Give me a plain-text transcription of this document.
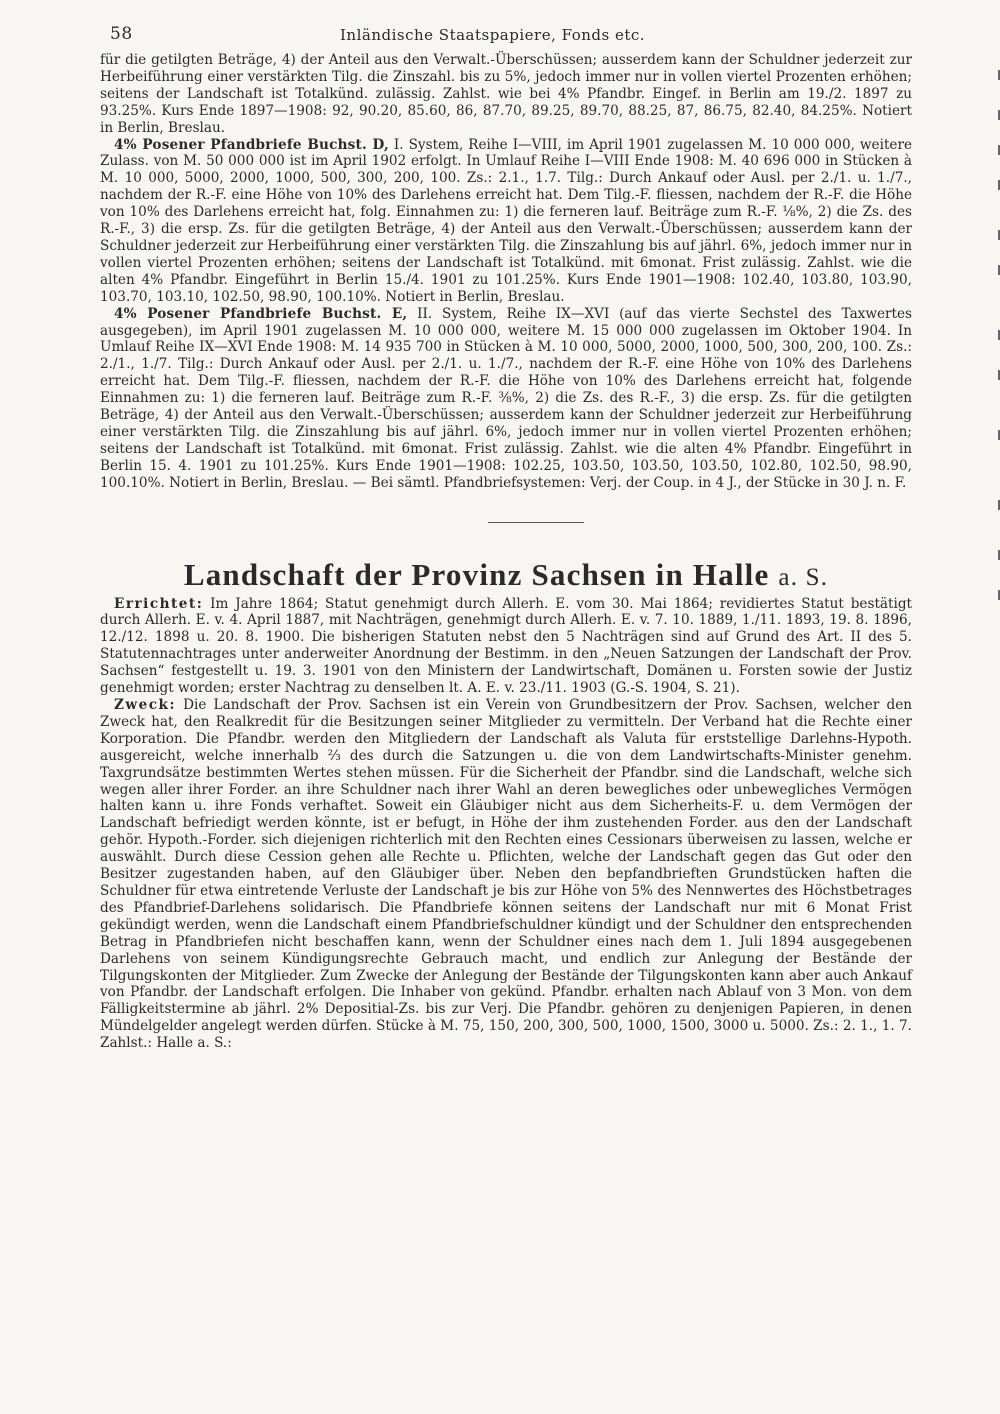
58	Inländische Staatspapiere, Fonds etc.

für die getilgten Beträge, 4) der Anteil aus den Verwalt.-Überschüssen; ausserdem kann der Schuldner jederzeit zur Herbeiführung einer verstärkten Tilg. die Zinszahl. bis zu 5%, jedoch immer nur in vollen viertel Prozenten erhöhen; seitens der Landschaft ist Totalkünd. zulässig. Zahlst. wie bei 4% Pfandbr. Eingef. in Berlin am 19./2. 1897 zu 93.25%. Kurs Ende 1897—1908: 92, 90.20, 85.60, 86, 87.70, 89.25, 89.70, 88.25, 87, 86.75, 82.40, 84.25%. Notiert in Berlin, Breslau.

4% Posener Pfandbriefe Buchst. D, I. System, Reihe I—VIII, im April 1901 zugelassen M. 10 000 000, weitere Zulass. von M. 50 000 000 ist im April 1902 erfolgt. In Umlauf Reihe I—VIII Ende 1908: M. 40 696 000 in Stücken à M. 10 000, 5000, 2000, 1000, 500, 300, 200, 100. Zs.: 2.1., 1.7. Tilg.: Durch Ankauf oder Ausl. per 2./1. u. 1./7., nachdem der R.-F. eine Höhe von 10% des Darlehens erreicht hat. Dem Tilg.-F. fliessen, nachdem der R.-F. die Höhe von 10% des Darlehens erreicht hat, folg. Einnahmen zu: 1) die ferneren lauf. Beiträge zum R.-F. ⅛%, 2) die Zs. des R.-F., 3) die ersp. Zs. für die getilgten Beträge, 4) der Anteil aus den Verwalt.-Überschüssen; ausserdem kann der Schuldner jederzeit zur Herbeiführung einer verstärkten Tilg. die Zinszahlung bis auf jährl. 6%, jedoch immer nur in vollen viertel Prozenten erhöhen; seitens der Landschaft ist Totalkünd. mit 6monat. Frist zulässig. Zahlst. wie die alten 4% Pfandbr. Eingeführt in Berlin 15./4. 1901 zu 101.25%. Kurs Ende 1901—1908: 102.40, 103.80, 103.90, 103.70, 103.10, 102.50, 98.90, 100.10%. Notiert in Berlin, Breslau.

4% Posener Pfandbriefe Buchst. E, II. System, Reihe IX—XVI (auf das vierte Sechstel des Taxwertes ausgegeben), im April 1901 zugelassen M. 10 000 000, weitere M. 15 000 000 zugelassen im Oktober 1904. In Umlauf Reihe IX—XVI Ende 1908: M. 14 935 700 in Stücken à M. 10 000, 5000, 2000, 1000, 500, 300, 200, 100. Zs.: 2./1., 1./7. Tilg.: Durch Ankauf oder Ausl. per 2./1. u. 1./7., nachdem der R.-F. eine Höhe von 10% des Darlehens erreicht hat. Dem Tilg.-F. fliessen, nachdem der R.-F. die Höhe von 10% des Darlehens erreicht hat, folgende Einnahmen zu: 1) die ferneren lauf. Beiträge zum R.-F. ⅜%, 2) die Zs. des R.-F., 3) die ersp. Zs. für die getilgten Beträge, 4) der Anteil aus den Verwalt.-Überschüssen; ausserdem kann der Schuldner jederzeit zur Herbeiführung einer verstärkten Tilg. die Zinszahlung bis auf jährl. 6%, jedoch immer nur in vollen viertel Prozenten erhöhen; seitens der Landschaft ist Totalkünd. mit 6monat. Frist zulässig. Zahlst. wie die alten 4% Pfandbr. Eingeführt in Berlin 15. 4. 1901 zu 101.25%. Kurs Ende 1901—1908: 102.25, 103.50, 103.50, 103.50, 102.80, 102.50, 98.90, 100.10%. Notiert in Berlin, Breslau. — Bei sämtl. Pfandbriefsystemen: Verj. der Coup. in 4 J., der Stücke in 30 J. n. F.

Landschaft der Provinz Sachsen in Halle a. S.

Errichtet: Im Jahre 1864; Statut genehmigt durch Allerh. E. vom 30. Mai 1864; revidiertes Statut bestätigt durch Allerh. E. v. 4. April 1887, mit Nachträgen, genehmigt durch Allerh. E. v. 7. 10. 1889, 1./11. 1893, 19. 8. 1896, 12./12. 1898 u. 20. 8. 1900. Die bisherigen Statuten nebst den 5 Nachträgen sind auf Grund des Art. II des 5. Statutennachtrages unter anderweiter Anordnung der Bestimm. in den „Neuen Satzungen der Landschaft der Prov. Sachsen“ festgestellt u. 19. 3. 1901 von den Ministern der Landwirtschaft, Domänen u. Forsten sowie der Justiz genehmigt worden; erster Nachtrag zu denselben lt. A. E. v. 23./11. 1903 (G.-S. 1904, S. 21).

Zweck: Die Landschaft der Prov. Sachsen ist ein Verein von Grundbesitzern der Prov. Sachsen, welcher den Zweck hat, den Realkredit für die Besitzungen seiner Mitglieder zu vermitteln. Der Verband hat die Rechte einer Korporation. Die Pfandbr. werden den Mitgliedern der Landschaft als Valuta für erststellige Darlehns-Hypoth. ausgereicht, welche innerhalb ⅔ des durch die Satzungen u. die von dem Landwirtschafts-Minister genehm. Taxgrundsätze bestimmten Wertes stehen müssen. Für die Sicherheit der Pfandbr. sind die Landschaft, welche sich wegen aller ihrer Forder. an ihre Schuldner nach ihrer Wahl an deren bewegliches oder unbewegliches Vermögen halten kann u. ihre Fonds verhaftet. Soweit ein Gläubiger nicht aus dem Sicherheits-F. u. dem Vermögen der Landschaft befriedigt werden könnte, ist er befugt, in Höhe der ihm zustehenden Forder. aus den der Landschaft gehör. Hypoth.-Forder. sich diejenigen richterlich mit den Rechten eines Cessionars überweisen zu lassen, welche er auswählt. Durch diese Cession gehen alle Rechte u. Pflichten, welche der Landschaft gegen das Gut oder den Besitzer zugestanden haben, auf den Gläubiger über. Neben den bepfandbrieften Grundstücken haften die Schuldner für etwa eintretende Verluste der Landschaft je bis zur Höhe von 5% des Nennwertes des Höchstbetrages des Pfandbrief-Darlehens solidarisch. Die Pfandbriefe können seitens der Landschaft nur mit 6 Monat Frist gekündigt werden, wenn die Landschaft einem Pfandbriefschuldner kündigt und der Schuldner den entsprechenden Betrag in Pfandbriefen nicht beschaffen kann, wenn der Schuldner eines nach dem 1. Juli 1894 ausgegebenen Darlehens von seinem Kündigungsrechte Gebrauch macht, und endlich zur Anlegung der Bestände der Tilgungskonten der Mitglieder. Zum Zwecke der Anlegung der Bestände der Tilgungskonten kann aber auch Ankauf von Pfandbr. der Landschaft erfolgen. Die Inhaber von gekünd. Pfandbr. erhalten nach Ablauf von 3 Mon. von dem Fälligkeitstermine ab jährl. 2% Depositial-Zs. bis zur Verj. Die Pfandbr. gehören zu denjenigen Papieren, in denen Mündelgelder angelegt werden dürfen. Stücke à M. 75, 150, 200, 300, 500, 1000, 1500, 3000 u. 5000. Zs.: 2. 1., 1. 7. Zahlst.: Halle a. S.:
